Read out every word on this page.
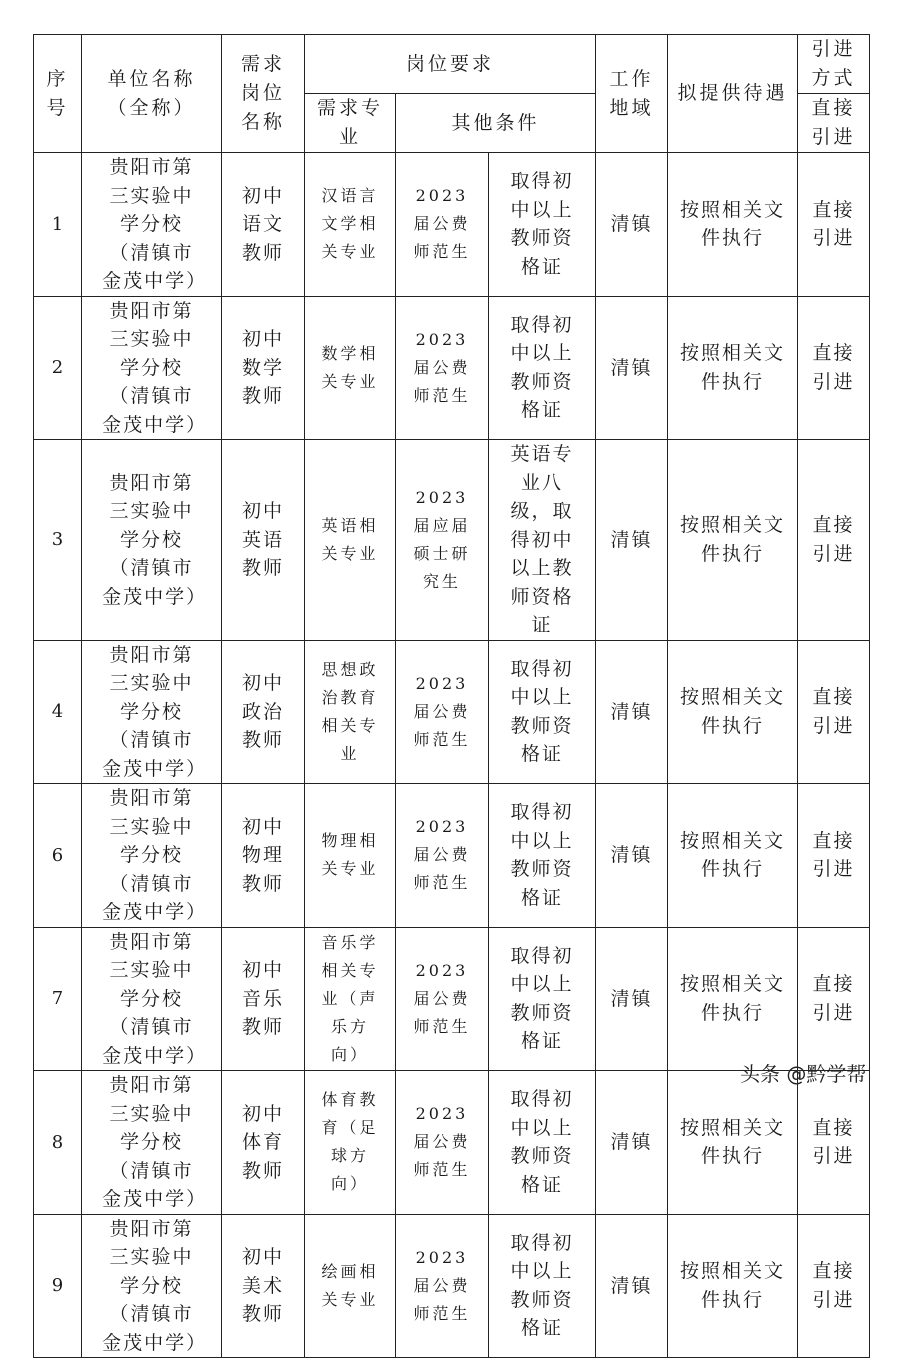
序号	单位名称（全称）	需求岗位名称	岗位要求			工作地域	拟提供待遇	引进方式
			需求专业	其他条件				直接引进
1	贵阳市第三实验中学分校（清镇市金茂中学）	初中语文教师	汉语言文学相关专业	2023届公费师范生	取得初中以上教师资格证	清镇	按照相关文件执行	直接引进
2	贵阳市第三实验中学分校（清镇市金茂中学）	初中数学教师	数学相关专业	2023届公费师范生	取得初中以上教师资格证	清镇	按照相关文件执行	直接引进
3	贵阳市第三实验中学分校（清镇市金茂中学）	初中英语教师	英语相关专业	2023届应届硕士研究生	英语专业八级，取得初中以上教师资格证	清镇	按照相关文件执行	直接引进
4	贵阳市第三实验中学分校（清镇市金茂中学）	初中政治教师	思想政治教育相关专业	2023届公费师范生	取得初中以上教师资格证	清镇	按照相关文件执行	直接引进
6	贵阳市第三实验中学分校（清镇市金茂中学）	初中物理教师	物理相关专业	2023届公费师范生	取得初中以上教师资格证	清镇	按照相关文件执行	直接引进
7	贵阳市第三实验中学分校（清镇市金茂中学）	初中音乐教师	音乐学相关专业（声乐方向）	2023届公费师范生	取得初中以上教师资格证	清镇	按照相关文件执行	直接引进
8	贵阳市第三实验中学分校（清镇市金茂中学）	初中体育教师	体育教育（足球方向）	2023届公费师范生	取得初中以上教师资格证	清镇	按照相关文件执行	直接引进
9	贵阳市第三实验中学分校（清镇市金茂中学）	初中美术教师	绘画相关专业	2023届公费师范生	取得初中以上教师资格证	清镇	按照相关文件执行	直接引进
头条 @黔学帮
